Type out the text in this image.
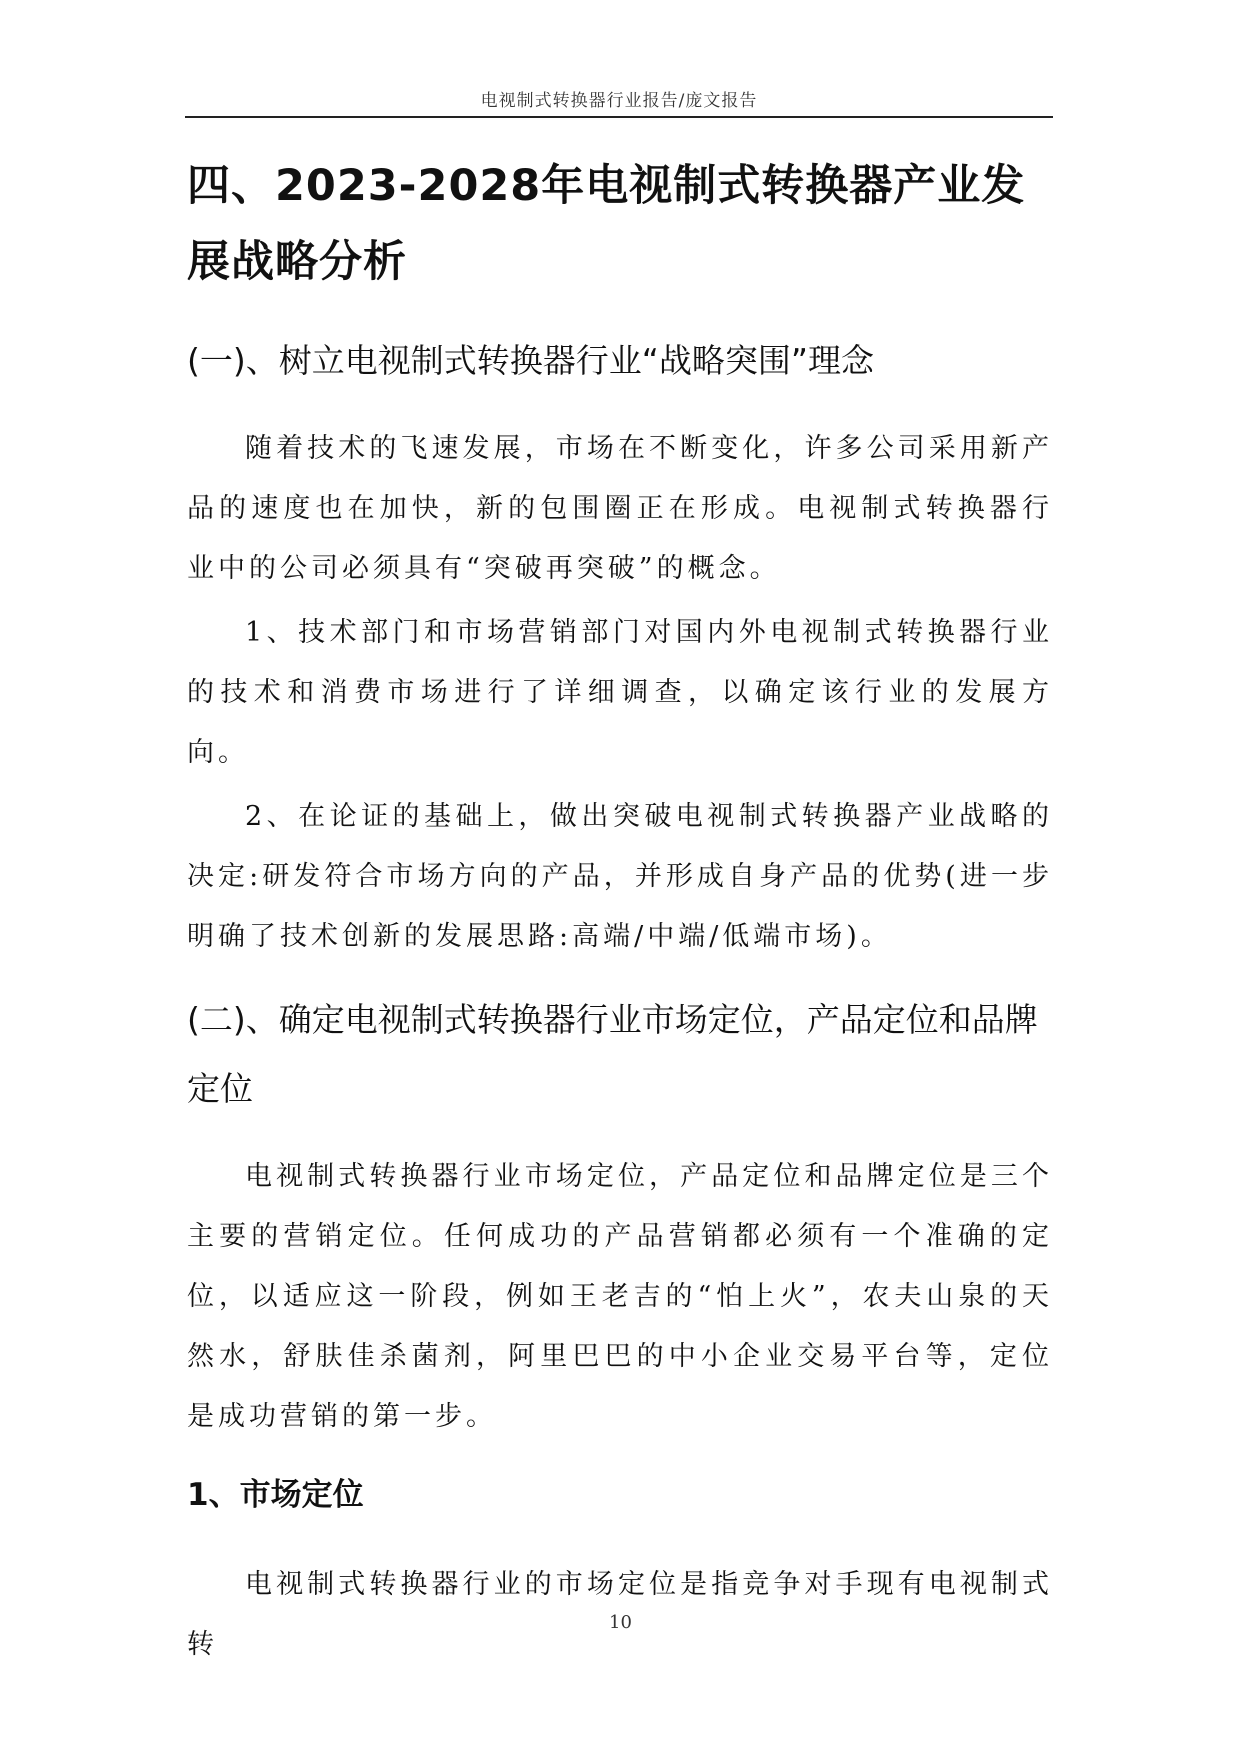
电视制式转换器行业报告/庞文报告
四、2023-2028年电视制式转换器产业发展战略分析
(一)、树立电视制式转换器行业“战略突围”理念

随着技术的飞速发展，市场在不断变化，许多公司采用新产品的速度也在加快，新的包围圈正在形成。电视制式转换器行业中的公司必须具有“突破再突破”的概念。

1、技术部门和市场营销部门对国内外电视制式转换器行业的技术和消费市场进行了详细调查，以确定该行业的发展方向。

2、在论证的基础上，做出突破电视制式转换器产业战略的决定:研发符合市场方向的产品，并形成自身产品的优势(进一步明确了技术创新的发展思路:高端/中端/低端市场)。

(二)、确定电视制式转换器行业市场定位，产品定位和品牌定位

电视制式转换器行业市场定位，产品定位和品牌定位是三个主要的营销定位。任何成功的产品营销都必须有一个准确的定位，以适应这一阶段，例如王老吉的“怕上火”，农夫山泉的天然水，舒肤佳杀菌剂，阿里巴巴的中小企业交易平台等，定位是成功营销的第一步。

1、市场定位

电视制式转换器行业的市场定位是指竞争对手现有电视制式转

10
